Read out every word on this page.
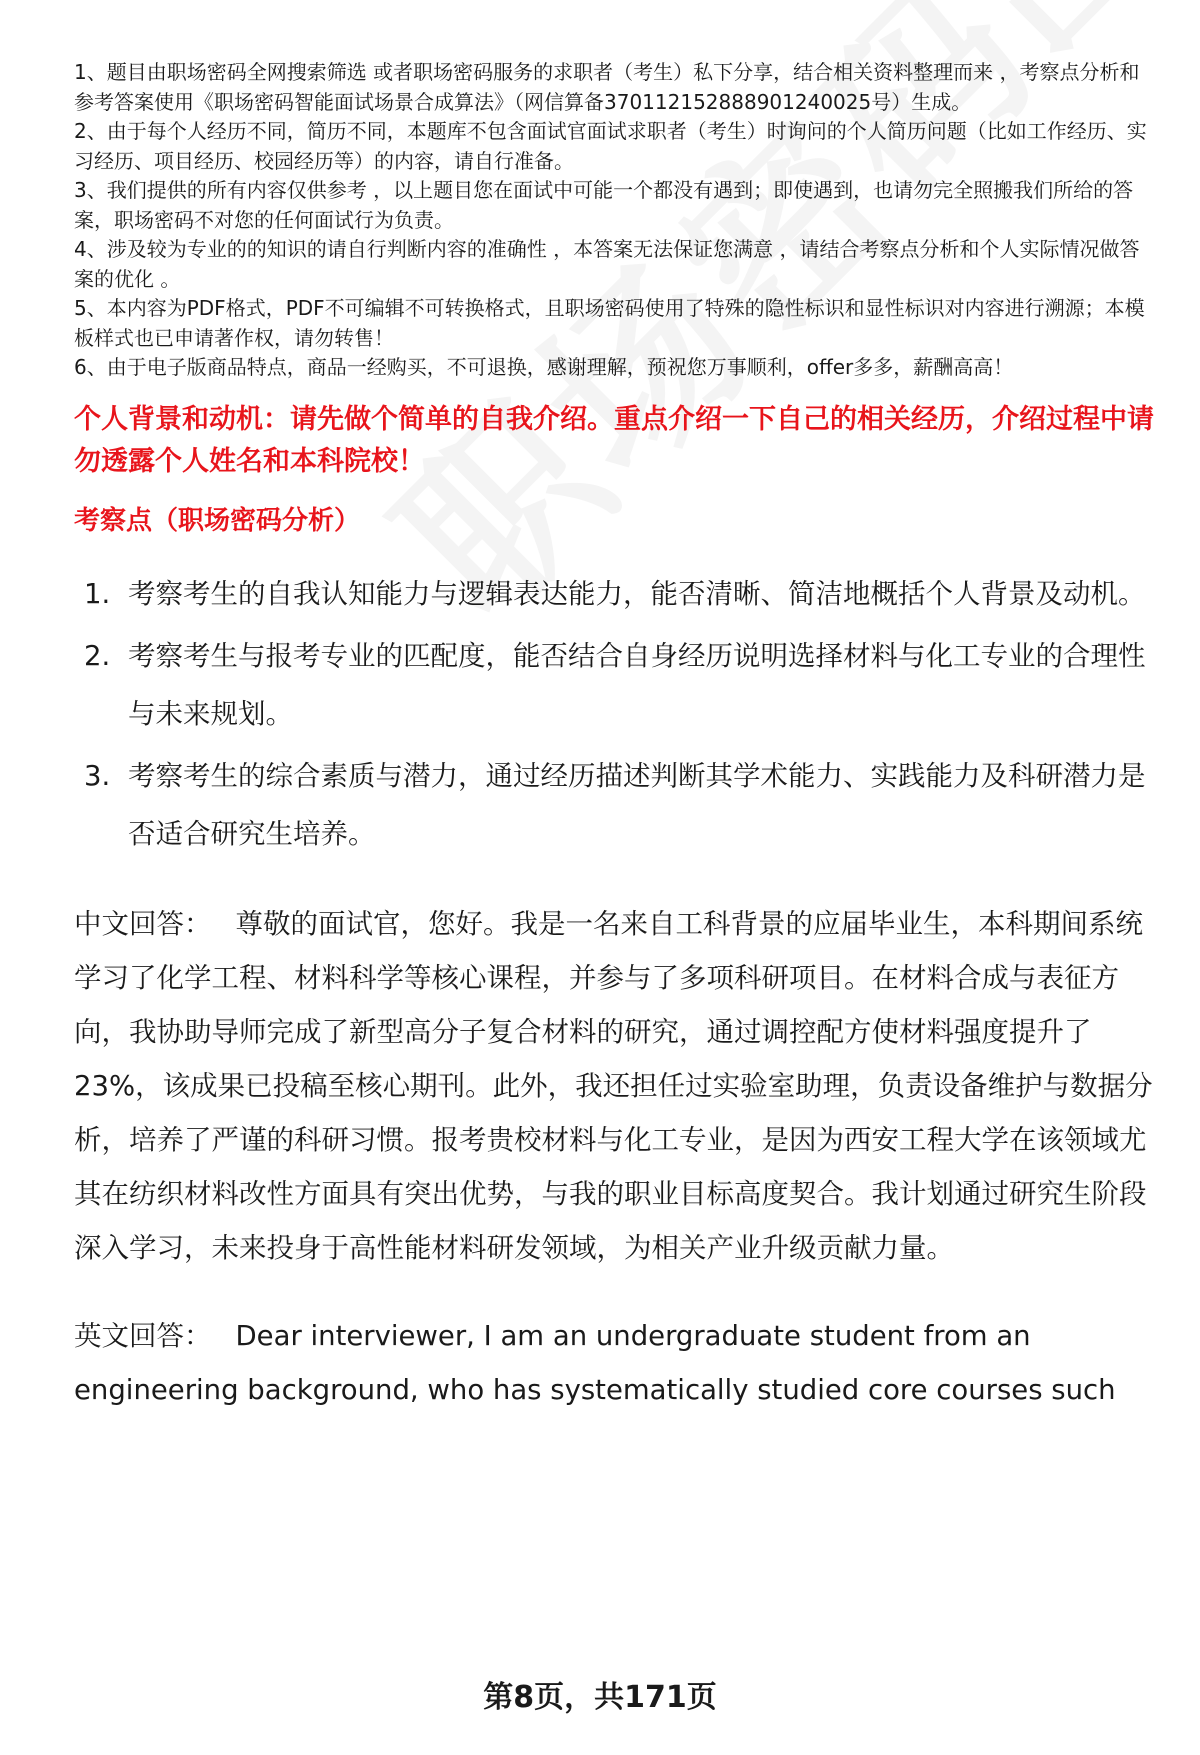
1、题目由职场密码全网搜索筛选 或者职场密码服务的求职者（考生）私下分享，结合相关资料整理而来 ，考察点分析和参考答案使用《职场密码智能面试场景合成算法》（网信算备370112152888901240025号）生成。

2、由于每个人经历不同，简历不同，本题库不包含面试官面试求职者（考生）时询问的个人简历问题（比如工作经历、实习经历、项目经历、校园经历等）的内容，请自行准备。

3、我们提供的所有内容仅供参考 ，以上题目您在面试中可能一个都没有遇到；即使遇到，也请勿完全照搬我们所给的答案，职场密码不对您的任何面试行为负责。

4、涉及较为专业的的知识的请自行判断内容的准确性 ，本答案无法保证您满意 ，请结合考察点分析和个人实际情况做答案的优化 。

5、本内容为PDF格式，PDF不可编辑不可转换格式，且职场密码使用了特殊的隐性标识和显性标识对内容进行溯源；本模板样式也已申请著作权，请勿转售！

6、由于电子版商品特点，商品一经购买，不可退换，感谢理解，预祝您万事顺利，offer多多，薪酬高高！

个人背景和动机：请先做个简单的自我介绍。重点介绍一下自己的相关经历，介绍过程中请勿透露个人姓名和本科院校！
考察点（职场密码分析）
1. 考察考生的自我认知能力与逻辑表达能力，能否清晰、简洁地概括个人背景及动机。
2. 考察考生与报考专业的匹配度，能否结合自身经历说明选择材料与化工专业的合理性与未来规划。
3. 考察考生的综合素质与潜力，通过经历描述判断其学术能力、实践能力及科研潜力是否适合研究生培养。
中文回答： 尊敬的面试官，您好。我是一名来自工科背景的应届毕业生，本科期间系统学习了化学工程、材料科学等核心课程，并参与了多项科研项目。在材料合成与表征方向，我协助导师完成了新型高分子复合材料的研究，通过调控配方使材料强度提升了23%，该成果已投稿至核心期刊。此外，我还担任过实验室助理，负责设备维护与数据分析，培养了严谨的科研习惯。报考贵校材料与化工专业，是因为西安工程大学在该领域尤其在纺织材料改性方面具有突出优势，与我的职业目标高度契合。我计划通过研究生阶段深入学习，未来投身于高性能材料研发领域，为相关产业升级贡献力量。
英文回答： Dear interviewer, I am an undergraduate student from an engineering background, who has systematically studied core courses such
第8页，共171页
